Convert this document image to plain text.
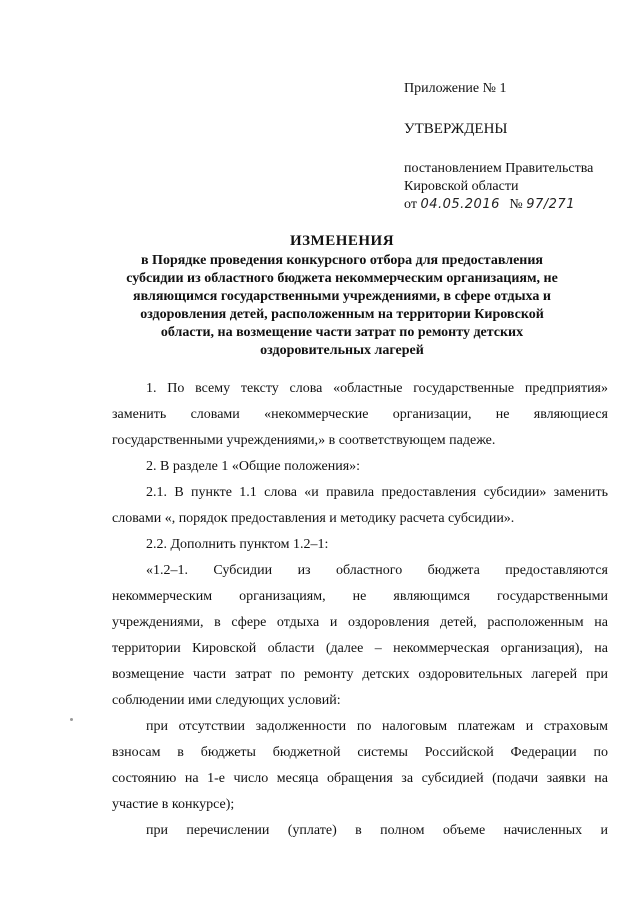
Приложение № 1
УТВЕРЖДЕНЫ
постановлением Правительства
Кировской области
от 04.05.2016 № 97/271
ИЗМЕНЕНИЯ
в Порядке проведения конкурсного отбора для предоставления
субсидии из областного бюджета некоммерческим организациям, не
являющимся государственными учреждениями, в сфере отдыха и
оздоровления детей, расположенным на территории Кировской
области, на возмещение части затрат по ремонту детских
оздоровительных лагерей
1. По всему тексту слова «областные государственные предприятия»
заменить словами «некоммерческие организации, не являющиеся
государственными учреждениями,» в соответствующем падеже.
2. В разделе 1 «Общие положения»:
2.1. В пункте 1.1 слова «и правила предоставления субсидии» заменить
словами «, порядок предоставления и методику расчета субсидии».
2.2. Дополнить пунктом 1.2–1:
«1.2–1. Субсидии из областного бюджета предоставляются
некоммерческим организациям, не являющимся государственными
учреждениями, в сфере отдыха и оздоровления детей, расположенным на
территории Кировской области (далее – некоммерческая организация), на
возмещение части затрат по ремонту детских оздоровительных лагерей при
соблюдении ими следующих условий:
при отсутствии задолженности по налоговым платежам и страховым
взносам в бюджеты бюджетной системы Российской Федерации по
состоянию на 1-е число месяца обращения за субсидией (подачи заявки на
участие в конкурсе);
при перечислении (уплате) в полном объеме начисленных и
